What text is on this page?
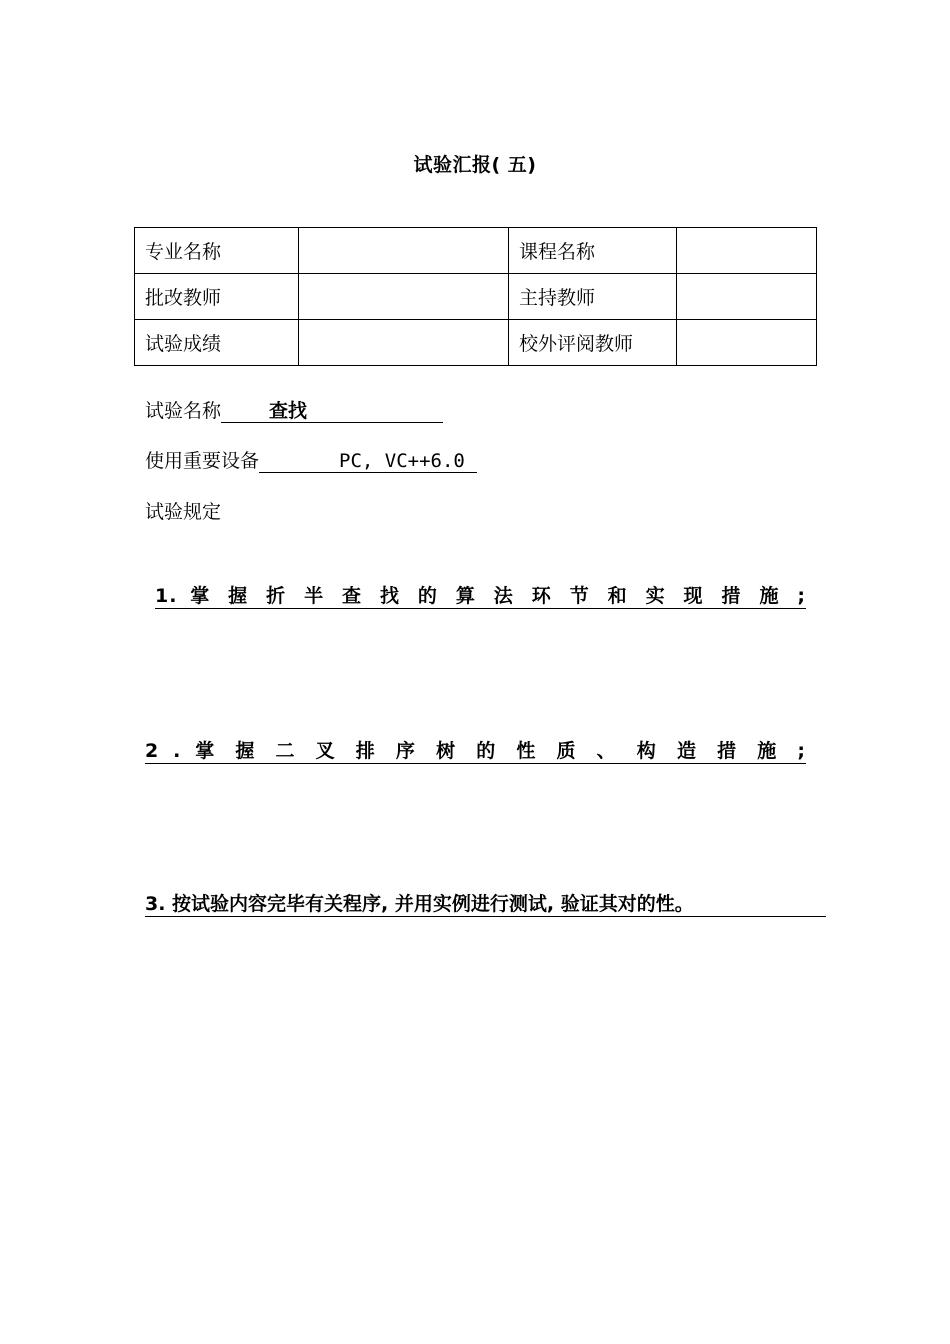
试验汇报( 五)
专业名称		课程名称	
批改教师		主持教师	
试验成绩		校外评阅教师	
试验名称	查找
使用重要设备	PC, VC++6.0
试验规定
1. 掌 握 折 半 查 找 的 算 法 环 节 和 实 现 措 施 ;
2 . 掌 握 二 叉 排 序 树 的 性 质 、 构 造 措 施 ;
3. 按试验内容完毕有关程序, 并用实例进行测试, 验证其对的性。
